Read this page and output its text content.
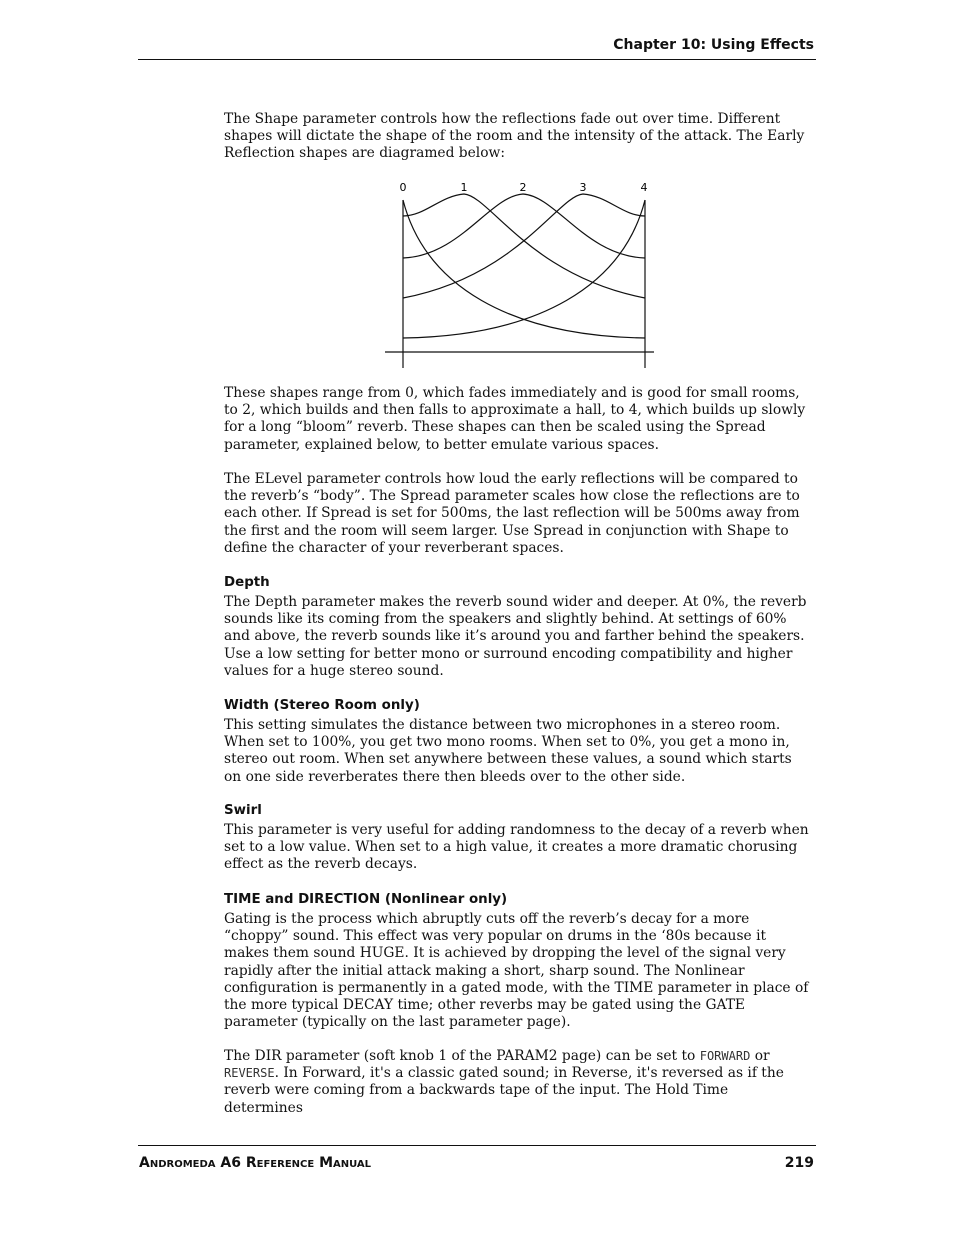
Chapter 10: Using Effects

The Shape parameter controls how the reflections fade out over time. Different shapes will dictate the shape of the room and the intensity of the attack. The Early Reflection shapes are diagramed below:

0	1	2	3	4

These shapes range from 0, which fades immediately and is good for small rooms, to 2, which builds and then falls to approximate a hall, to 4, which builds up slowly for a long “bloom” reverb. These shapes can then be scaled using the Spread parameter, explained below, to better emulate various spaces.

The ELevel parameter controls how loud the early reflections will be compared to the reverb’s “body”. The Spread parameter scales how close the reflections are to each other. If Spread is set for 500ms, the last reflection will be 500ms away from the first and the room will seem larger. Use Spread in conjunction with Shape to define the character of your reverberant spaces.

Depth

The Depth parameter makes the reverb sound wider and deeper. At 0%, the reverb sounds like its coming from the speakers and slightly behind. At settings of 60% and above, the reverb sounds like it’s around you and farther behind the speakers. Use a low setting for better mono or surround encoding compatibility and higher values for a huge stereo sound.

Width (Stereo Room only)

This setting simulates the distance between two microphones in a stereo room. When set to 100%, you get two mono rooms. When set to 0%, you get a mono in, stereo out room. When set anywhere between these values, a sound which starts on one side reverberates there then bleeds over to the other side.

Swirl

This parameter is very useful for adding randomness to the decay of a reverb when set to a low value. When set to a high value, it creates a more dramatic chorusing effect as the reverb decays.

TIME and DIRECTION (Nonlinear only)

Gating is the process which abruptly cuts off the reverb’s decay for a more “choppy” sound. This effect was very popular on drums in the ‘80s because it makes them sound HUGE. It is achieved by dropping the level of the signal very rapidly after the initial attack making a short, sharp sound. The Nonlinear configuration is permanently in a gated mode, with the TIME parameter in place of the more typical DECAY time; other reverbs may be gated using the GATE parameter (typically on the last parameter page).

The DIR parameter (soft knob 1 of the PARAM2 page) can be set to FORWARD or REVERSE. In Forward, it's a classic gated sound; in Reverse, it's reversed as if the reverb were coming from a backwards tape of the input. The Hold Time determines

Andromeda A6 Reference Manual	219
